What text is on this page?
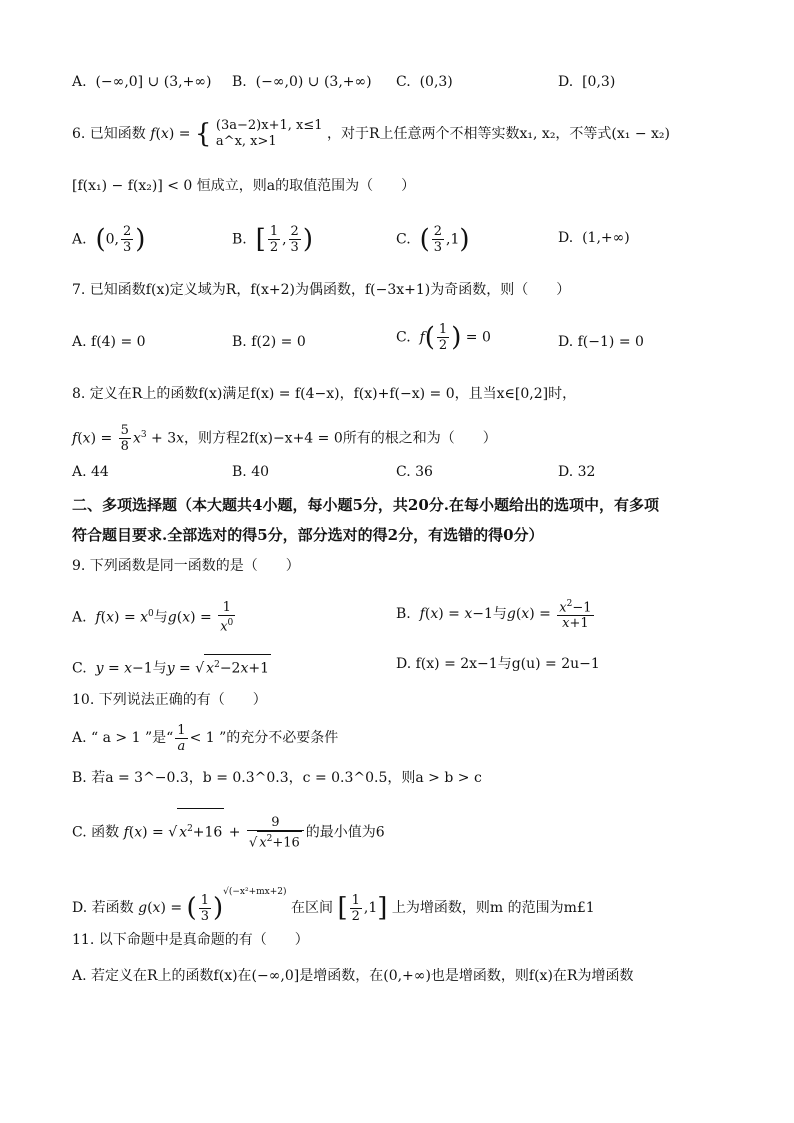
A. (−∞,0] ∪ (3,+∞) B. (−∞,0) ∪ (3,+∞) C. (0,3)	D. [0,3)
6. 已知函数 f(x) = { (3a−2)x+1, x≤1
a^x, x>1	，对于R上任意两个不相等实数x₁, x₂，不等式(x₁ − x₂)
[f(x₁) − f(x₂)] < 0 恒成立，则a的取值范围为（　　）
A. (0, $\frac{2}{3}$ )	B. [ $\frac{1}{2}$ , $\frac{2}{3}$ )	C. ( $\frac{2}{3} ,1$)	D. (1,+∞)
7. 已知函数f(x)定义域为R，f(x+2)为偶函数，f(−3x+1)为奇函数，则（　　）
A. f(4) = 0	B. f(2) = 0	C. $f( \frac{1}{2}$ ) = 0	D. f(−1) = 0
8. 定义在R上的函数f(x)满足f(x) = f(4−x)，f(x)+f(−x) = 0，且当x∈[0,2]时，
$f(x) = \frac{5}{8} x^3 + 3x$，则方程2f(x)−x+4 = 0所有的根之和为（　　）
A. 44	B. 40	C. 36	D. 32
二、多项选择题（本大题共4小题，每小题5分，共20分.在每小题给出的选项中，有多项
符合题目要求.全部选对的得5分，部分选对的得2分，有选错的得0分）
9. 下列函数是同一函数的是（　　）
A. $f(x) = x^0$与$g(x) = \frac{1}{x^0}$	B. f(x) = x−1与$g(x) = \frac{x^2-1}{x+1}$
C. y = x−1与y = √ $x^2-2x+1$	D. f(x) = 2x−1与g(u) = 2u−1
10. 下列说法正确的有（　　）
A. “ a > 1 ”是“ $\frac{1}{a} < 1$ ”的充分不必要条件
B. 若a = 3^−0.3，b = 0.3^0.3，c = 0.3^0.5，则a > b > c
C. 函数 f(x) = √ $x^2+16 + \frac{9}{√ x^2+16}$ 的最小值为6
D. 若函数 g(x) = ( $\frac{1}{3} )^{√(-x^2+mx+2)}$ 在区间 [ $\frac{1}{2} ,1$] 上为增函数，则m 的范围为m£1
11. 以下命题中是真命题的有（　　）
A. 若定义在R上的函数f(x)在(−∞,0]是增函数，在(0,+∞)也是增函数，则f(x)在R为增函数
